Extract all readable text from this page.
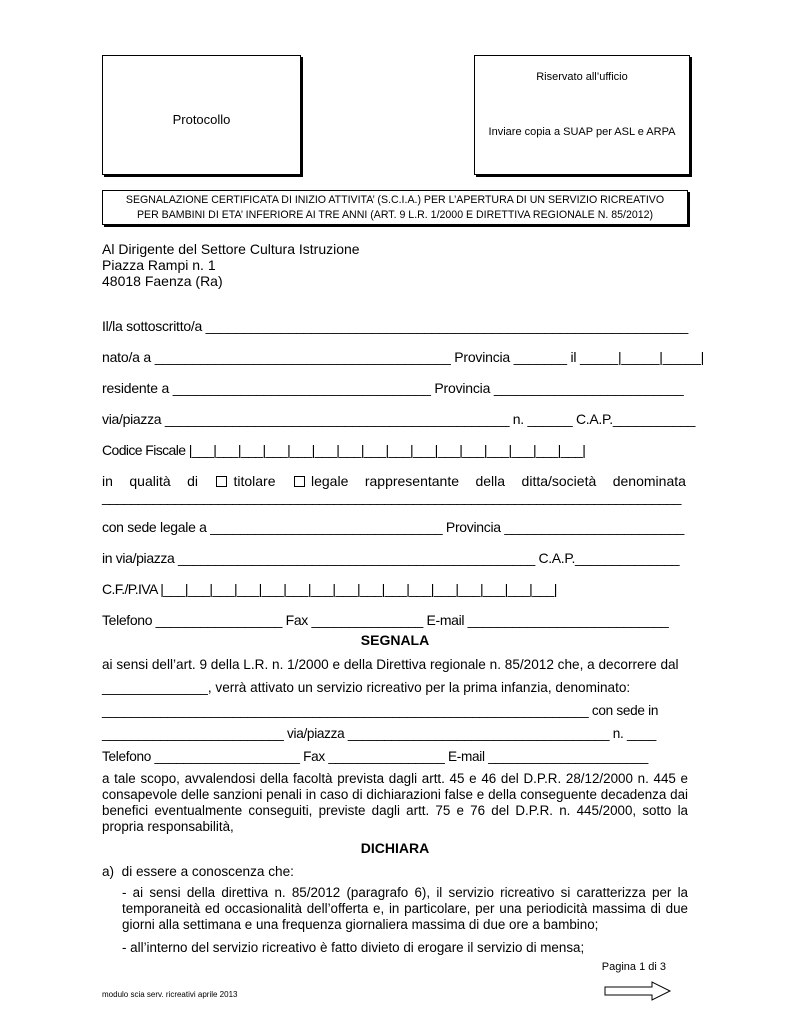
Protocollo
Riservato all’ufficio
Inviare copia a SUAP per ASL e ARPA
SEGNALAZIONE CERTIFICATA DI INIZIO ATTIVITA’ (S.C.I.A.) PER L’APERTURA DI UN SERVIZIO RICREATIVO
PER BAMBINI DI ETA’ INFERIORE AI TRE ANNI (ART. 9 L.R. 1/2000 E DIRETTIVA REGIONALE N. 85/2012)
Al Dirigente del Settore Cultura Istruzione
Piazza Rampi n. 1
48018 Faenza (Ra)
Il/la sottoscritto/a ________________________________________________________________
nato/a a _______________________________________ Provincia _______ il _____|_____|_____|
residente a __________________________________ Provincia _________________________
via/piazza ______________________________________________ n. ______ C.A.P.___________
Codice Fiscale |___|___|___|___|___|___|___|___|___|___|___|___|___|___|___|___|
in qualità di	titolare	legale rappresentante della ditta/società denominata
________________________________________________________________________________
con sede legale a _______________________________ Provincia ________________________
in via/piazza ________________________________________________ C.A.P.______________
C.F./P.IVA |___|___|___|___|___|___|___|___|___|___|___|___|___|___|___|___|
Telefono _________________ Fax _______________ E-mail ___________________________
SEGNALA
ai sensi dell’art. 9 della L.R. n. 1/2000 e della Direttiva regionale n. 85/2012 che, a decorrere dal
______________, verrà attivato un servizio ricreativo per la prima infanzia, denominato:
___________________________________________________________________ con sede in
_________________________ via/piazza ____________________________________ n. ____
Telefono ____________________ Fax ________________ E-mail ______________________
a tale scopo, avvalendosi della facoltà prevista dagli artt. 45 e 46 del D.P.R. 28/12/2000 n. 445 e consapevole delle sanzioni penali in caso di dichiarazioni false e della conseguente decadenza dai benefici eventualmente conseguiti, previste dagli artt. 75 e 76 del D.P.R. n. 445/2000, sotto la propria responsabilità,
DICHIARA
a)  di essere a conoscenza che:
- ai sensi della direttiva n. 85/2012 (paragrafo 6), il servizio ricreativo si caratterizza per la temporaneità ed occasionalità dell’offerta e, in particolare, per una periodicità massima di due giorni alla settimana e una frequenza giornaliera massima di due ore a bambino;
- all’interno del servizio ricreativo è fatto divieto di erogare il servizio di mensa;
Pagina 1 di 3
modulo scia serv. ricreativi aprile 2013
